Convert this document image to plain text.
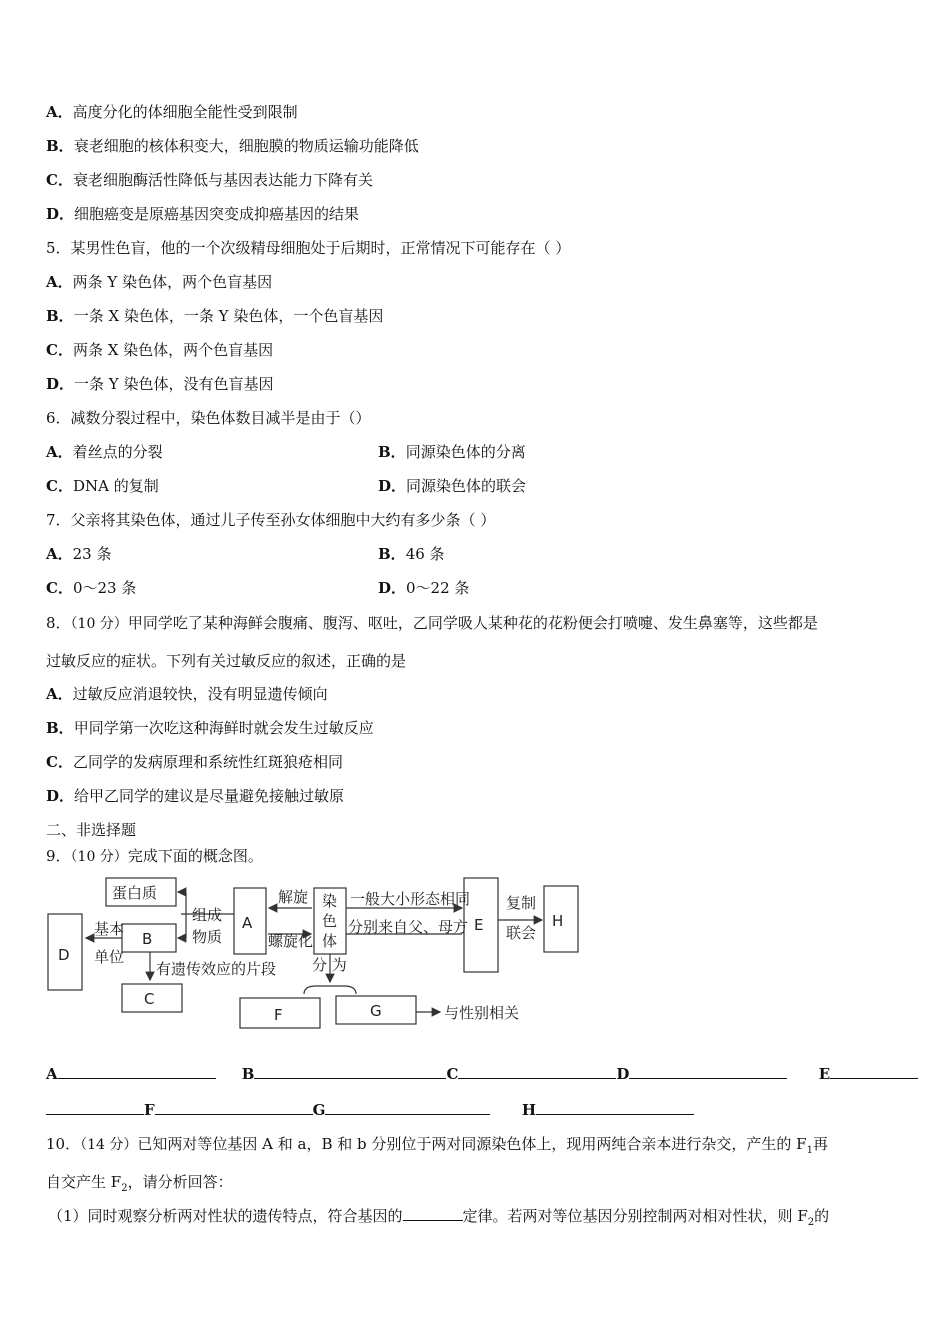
A．高度分化的体细胞全能性受到限制
B．衰老细胞的核体积变大，细胞膜的物质运输功能降低
C．衰老细胞酶活性降低与基因表达能力下降有关
D．细胞癌变是原癌基因突变成抑癌基因的结果
5．某男性色盲，他的一个次级精母细胞处于后期时，正常情况下可能存在（ ）
A．两条 Y 染色体，两个色盲基因
B．一条 X 染色体，一条 Y 染色体，一个色盲基因
C．两条 X 染色体，两个色盲基因
D．一条 Y 染色体，没有色盲基因
6．减数分裂过程中，染色体数目减半是由于（）
A．着丝点的分裂	B．同源染色体的分离
C．DNA 的复制	D．同源染色体的联会
7．父亲将其染色体，通过儿子传至孙女体细胞中大约有多少条（ ）
A．23 条	B．46 条
C．0～23 条	D．0～22 条
8．（10 分）甲同学吃了某种海鲜会腹痛、腹泻、呕吐，乙同学吸人某种花的花粉便会打喷嚏、发生鼻塞等，这些都是
过敏反应的症状。下列有关过敏反应的叙述，正确的是
A．过敏反应消退较快，没有明显遗传倾向
B．甲同学第一次吃这种海鲜时就会发生过敏反应
C．乙同学的发病原理和系统性红斑狼疮相同
D．给甲乙同学的建议是尽量避免接触过敏原
二、非选择题
9．（10 分）完成下面的概念图。
蛋白质
组成
物质
A
基本
单位
D
B
C
有遗传效应的片段
解旋
螺旋化
染
色
体
一般大小形态相同
分别来自父、母方
分 为
E
复制
联会
H
F	G	与性别相关
A	B	C	D	E
F	G	H
10．（14 分）已知两对等位基因 A 和 a，B 和 b 分别位于两对同源染色体上，现用两纯合亲本进行杂交，产生的 $F_1$再
自交产生 $F_2$，请分析回答：
（1）同时观察分析两对性状的遗传特点，符合基因的	定律。若两对等位基因分别控制两对相对性状，则 $F_2$的
